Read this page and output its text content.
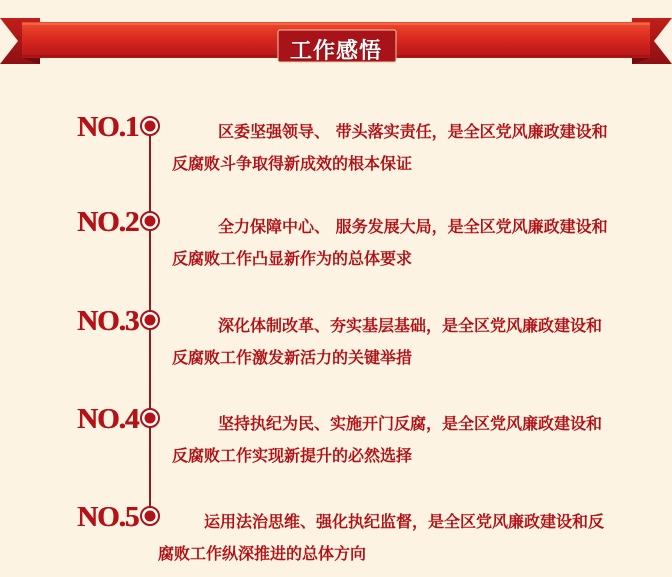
工作感悟
NO.1	区委坚强领导、 带头落实责任，是全区党风廉政建设和反腐败斗争取得新成效的根本保证
NO.2	全力保障中心、 服务发展大局，是全区党风廉政建设和反腐败工作凸显新作为的总体要求
NO.3	深化体制改革、夯实基层基础，是全区党风廉政建设和反腐败工作激发新活力的关键举措
NO.4	坚持执纪为民、实施开门反腐，是全区党风廉政建设和反腐败工作实现新提升的必然选择
NO.5	运用法治思维、强化执纪监督，是全区党风廉政建设和反腐败工作纵深推进的总体方向
